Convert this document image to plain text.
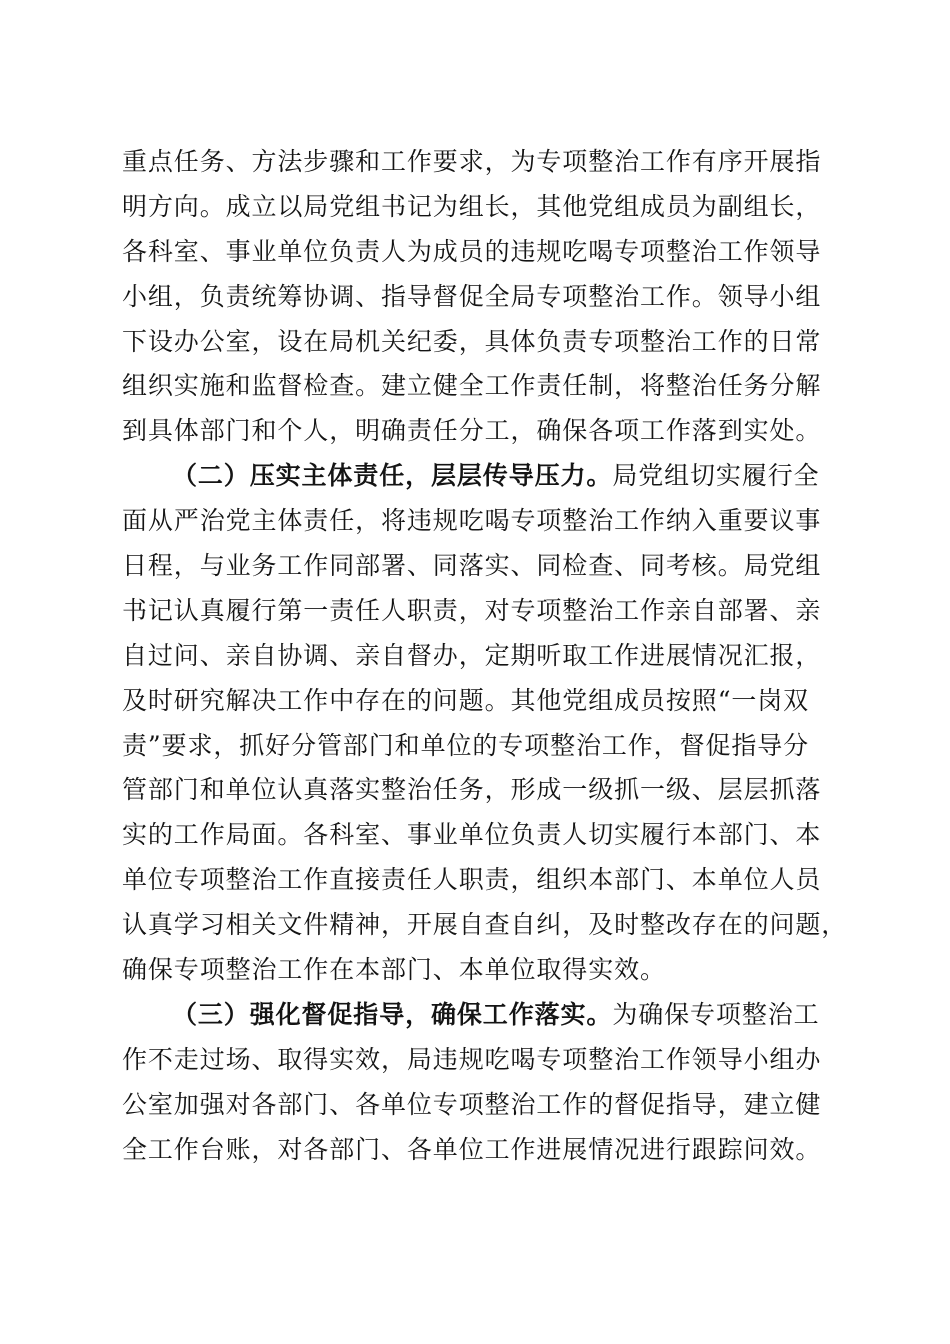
重点任务、方法步骤和工作要求，为专项整治工作有序开展指
明方向。成立以局党组书记为组长，其他党组成员为副组长，
各科室、事业单位负责人为成员的违规吃喝专项整治工作领导
小组，负责统筹协调、指导督促全局专项整治工作。领导小组
下设办公室，设在局机关纪委，具体负责专项整治工作的日常
组织实施和监督检查。建立健全工作责任制，将整治任务分解
到具体部门和个人，明确责任分工，确保各项工作落到实处。
（二）压实主体责任，层层传导压力。局党组切实履行全
面从严治党主体责任，将违规吃喝专项整治工作纳入重要议事
日程，与业务工作同部署、同落实、同检查、同考核。局党组
书记认真履行第一责任人职责，对专项整治工作亲自部署、亲
自过问、亲自协调、亲自督办，定期听取工作进展情况汇报，
及时研究解决工作中存在的问题。其他党组成员按照“一岗双
责”要求，抓好分管部门和单位的专项整治工作，督促指导分
管部门和单位认真落实整治任务，形成一级抓一级、层层抓落
实的工作局面。各科室、事业单位负责人切实履行本部门、本
单位专项整治工作直接责任人职责，组织本部门、本单位人员
认真学习相关文件精神，开展自查自纠，及时整改存在的问题，
确保专项整治工作在本部门、本单位取得实效。
（三）强化督促指导，确保工作落实。为确保专项整治工
作不走过场、取得实效，局违规吃喝专项整治工作领导小组办
公室加强对各部门、各单位专项整治工作的督促指导，建立健
全工作台账，对各部门、各单位工作进展情况进行跟踪问效。
